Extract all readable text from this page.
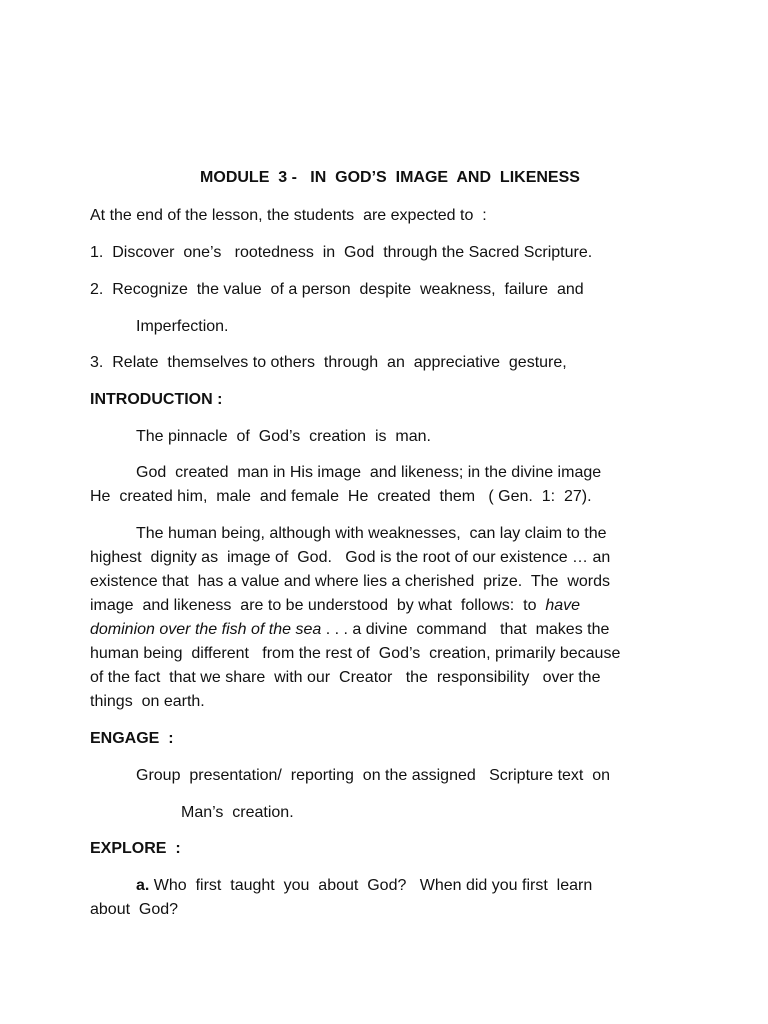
MODULE  3 -   IN  GOD’S  IMAGE  AND  LIKENESS
At the end of the lesson, the students  are expected to  :
1.  Discover  one’s   rootedness  in  God  through the Sacred Scripture.
2.  Recognize  the value  of a person  despite  weakness,  failure  and
Imperfection.
3.  Relate  themselves to others  through  an  appreciative  gesture,
INTRODUCTION :
The pinnacle  of  God’s  creation  is  man.
God  created  man in His image  and likeness; in the divine image
He  created him,  male  and female  He  created  them   ( Gen.  1:  27).
The human being, although with weaknesses,  can lay claim to the
highest  dignity as  image of  God.   God is the root of our existence … an
existence that  has a value and where lies a cherished  prize.  The  words
image  and likeness  are to be understood  by what  follows:  to  have
dominion over the fish of the sea . . . a divine  command   that  makes the
human being  different   from the rest of  God’s  creation, primarily because
of the fact  that we share  with our  Creator   the  responsibility   over the
things  on earth.
ENGAGE  :
Group  presentation/  reporting  on the assigned   Scripture text  on
Man’s  creation.
EXPLORE  :
a. Who  first  taught  you  about  God?   When did you first  learn
about  God?
